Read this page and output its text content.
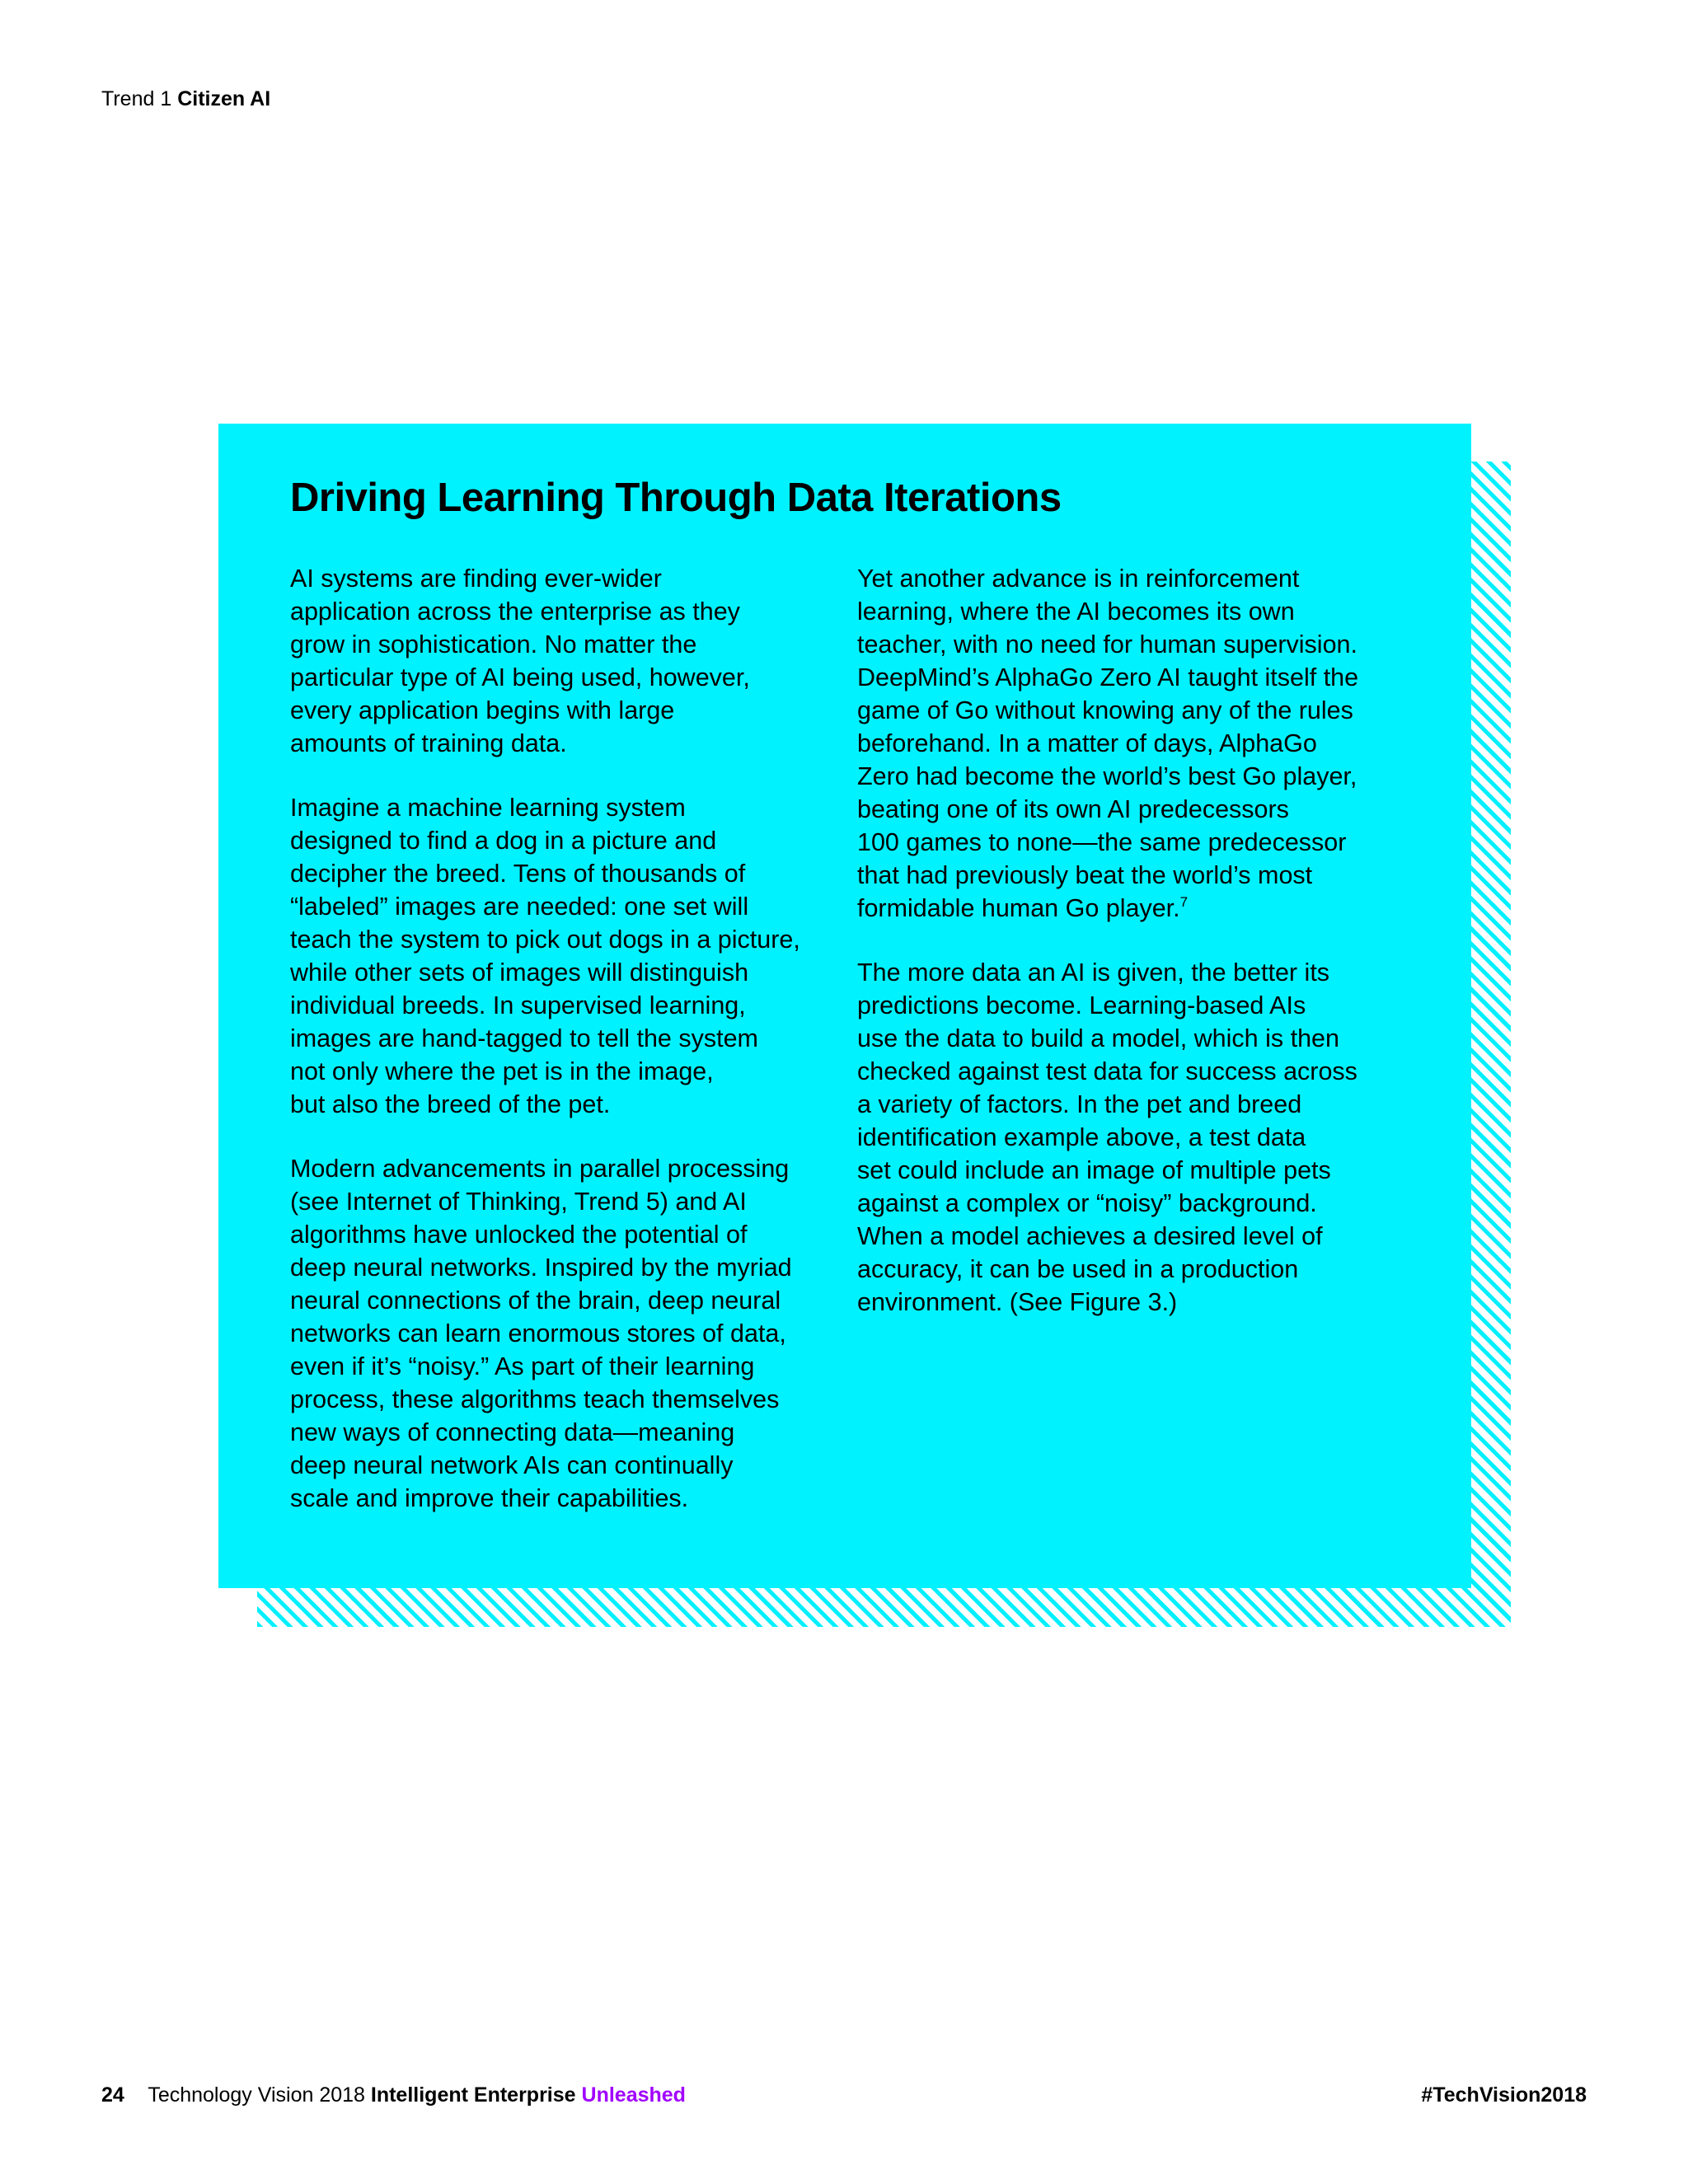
Trend 1 Citizen AI
Driving Learning Through Data Iterations

AI systems are finding ever-wider
application across the enterprise as they
grow in sophistication. No matter the
particular type of AI being used, however,
every application begins with large
amounts of training data.

Imagine a machine learning system
designed to find a dog in a picture and
decipher the breed. Tens of thousands of
“labeled” images are needed: one set will
teach the system to pick out dogs in a picture,
while other sets of images will distinguish
individual breeds. In supervised learning,
images are hand-tagged to tell the system
not only where the pet is in the image,
but also the breed of the pet.

Modern advancements in parallel processing
(see Internet of Thinking, Trend 5) and AI
algorithms have unlocked the potential of
deep neural networks. Inspired by the myriad
neural connections of the brain, deep neural
networks can learn enormous stores of data,
even if it’s “noisy.” As part of their learning
process, these algorithms teach themselves
new ways of connecting data—meaning
deep neural network AIs can continually
scale and improve their capabilities.

Yet another advance is in reinforcement
learning, where the AI becomes its own
teacher, with no need for human supervision.
DeepMind’s AlphaGo Zero AI taught itself the
game of Go without knowing any of the rules
beforehand. In a matter of days, AlphaGo
Zero had become the world’s best Go player,
beating one of its own AI predecessors
100 games to none—the same predecessor
that had previously beat the world’s most
formidable human Go player.$^7$

The more data an AI is given, the better its
predictions become. Learning-based AIs
use the data to build a model, which is then
checked against test data for success across
a variety of factors. In the pet and breed
identification example above, a test data
set could include an image of multiple pets
against a complex or “noisy” background.
When a model achieves a desired level of
accuracy, it can be used in a production
environment. (See Figure 3.)

24 Technology Vision 2018 Intelligent Enterprise Unleashed	#TechVision2018
